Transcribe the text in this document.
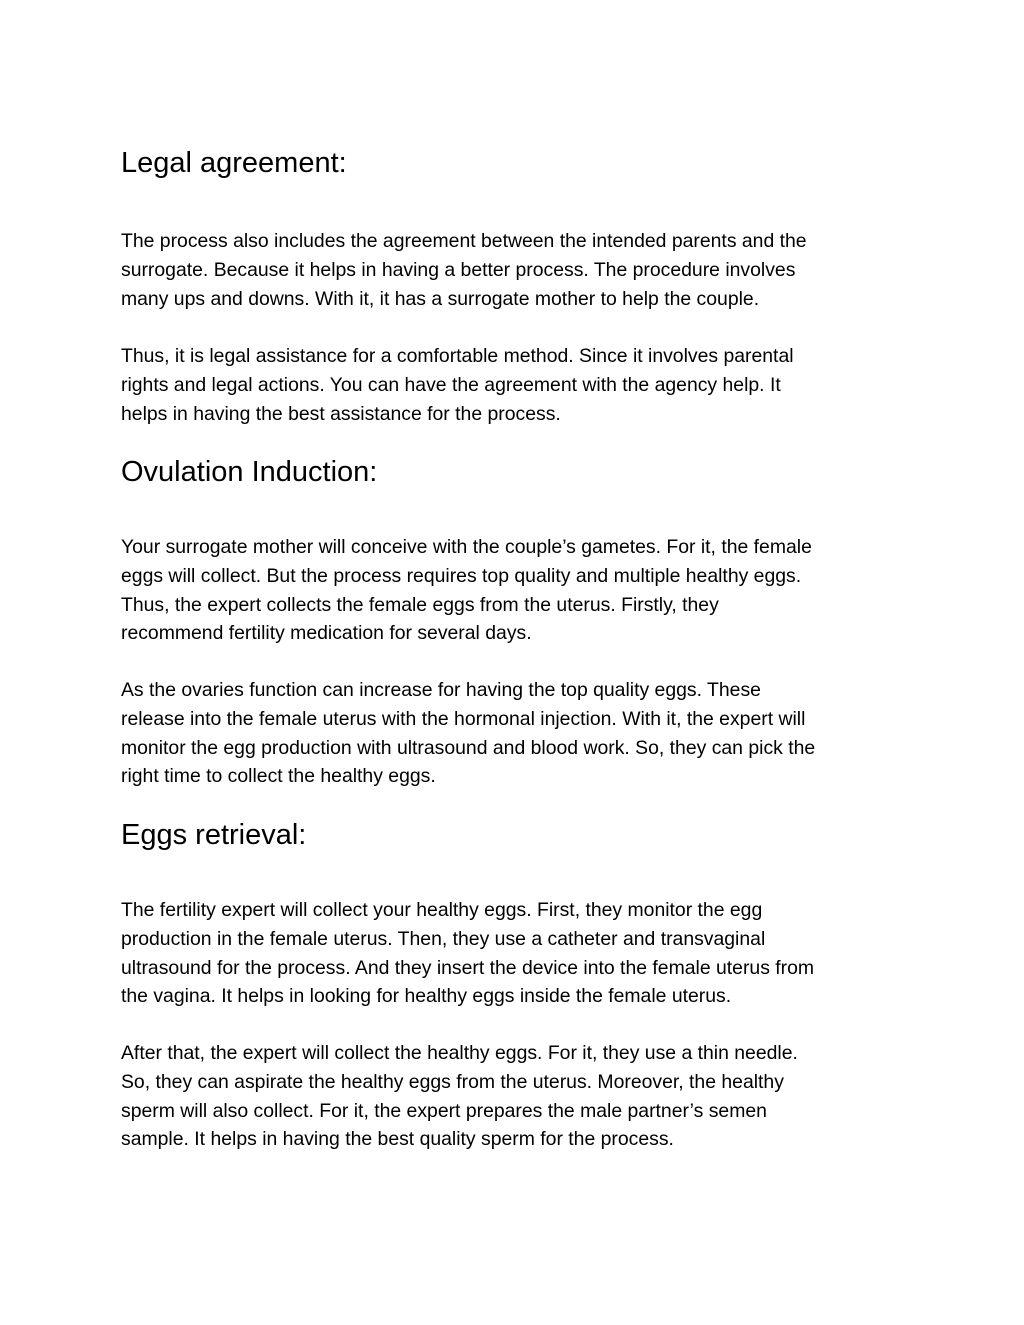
Legal agreement:

The process also includes the agreement between the intended parents and the
surrogate. Because it helps in having a better process. The procedure involves
many ups and downs. With it, it has a surrogate mother to help the couple.

Thus, it is legal assistance for a comfortable method. Since it involves parental
rights and legal actions. You can have the agreement with the agency help. It
helps in having the best assistance for the process.

Ovulation Induction:

Your surrogate mother will conceive with the couple’s gametes. For it, the female
eggs will collect. But the process requires top quality and multiple healthy eggs.
Thus, the expert collects the female eggs from the uterus. Firstly, they
recommend fertility medication for several days.

As the ovaries function can increase for having the top quality eggs. These
release into the female uterus with the hormonal injection. With it, the expert will
monitor the egg production with ultrasound and blood work. So, they can pick the
right time to collect the healthy eggs.

Eggs retrieval:

The fertility expert will collect your healthy eggs. First, they monitor the egg
production in the female uterus. Then, they use a catheter and transvaginal
ultrasound for the process. And they insert the device into the female uterus from
the vagina. It helps in looking for healthy eggs inside the female uterus.

After that, the expert will collect the healthy eggs. For it, they use a thin needle.
So, they can aspirate the healthy eggs from the uterus. Moreover, the healthy
sperm will also collect. For it, the expert prepares the male partner’s semen
sample. It helps in having the best quality sperm for the process.
